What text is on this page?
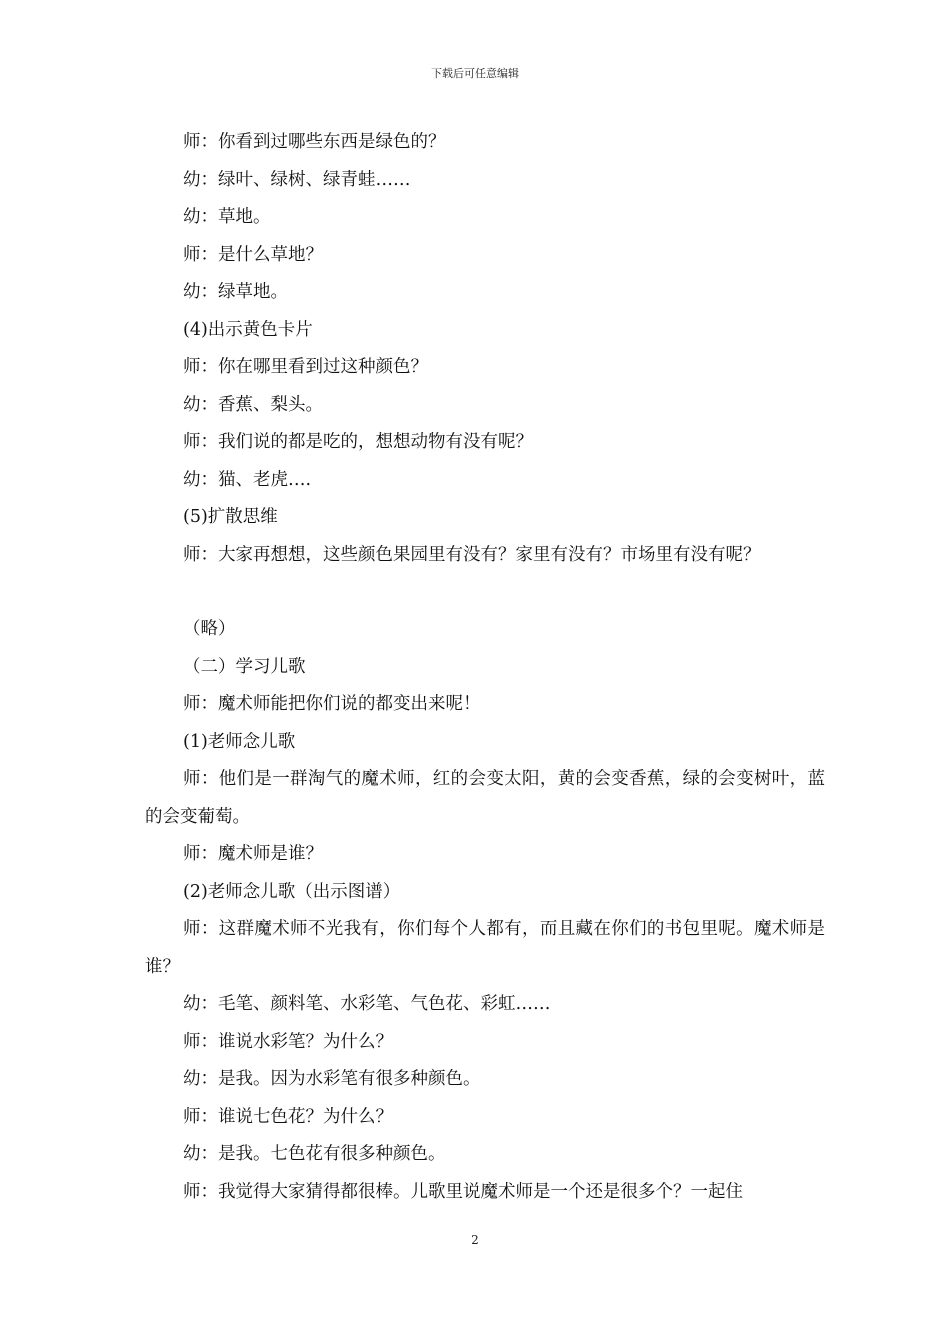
下载后可任意编辑

师：你看到过哪些东西是绿色的？

幼：绿叶、绿树、绿青蛙……

幼：草地。

师：是什么草地？

幼：绿草地。

(4)出示黄色卡片

师：你在哪里看到过这种颜色？

幼：香蕉、梨头。

师：我们说的都是吃的，想想动物有没有呢？

幼：猫、老虎….

(5)扩散思维

师：大家再想想，这些颜色果园里有没有？家里有没有？市场里有没有呢？

（略）

（二）学习儿歌

师：魔术师能把你们说的都变出来呢！

(1)老师念儿歌

师：他们是一群淘气的魔术师，红的会变太阳，黄的会变香蕉，绿的会变树叶，蓝的会变葡萄。

师：魔术师是谁？

(2)老师念儿歌（出示图谱）

师：这群魔术师不光我有，你们每个人都有，而且藏在你们的书包里呢。魔术师是谁？

幼：毛笔、颜料笔、水彩笔、气色花、彩虹……

师：谁说水彩笔？为什么？

幼：是我。因为水彩笔有很多种颜色。

师：谁说七色花？为什么？

幼：是我。七色花有很多种颜色。

师：我觉得大家猜得都很棒。儿歌里说魔术师是一个还是很多个？一起住

2
